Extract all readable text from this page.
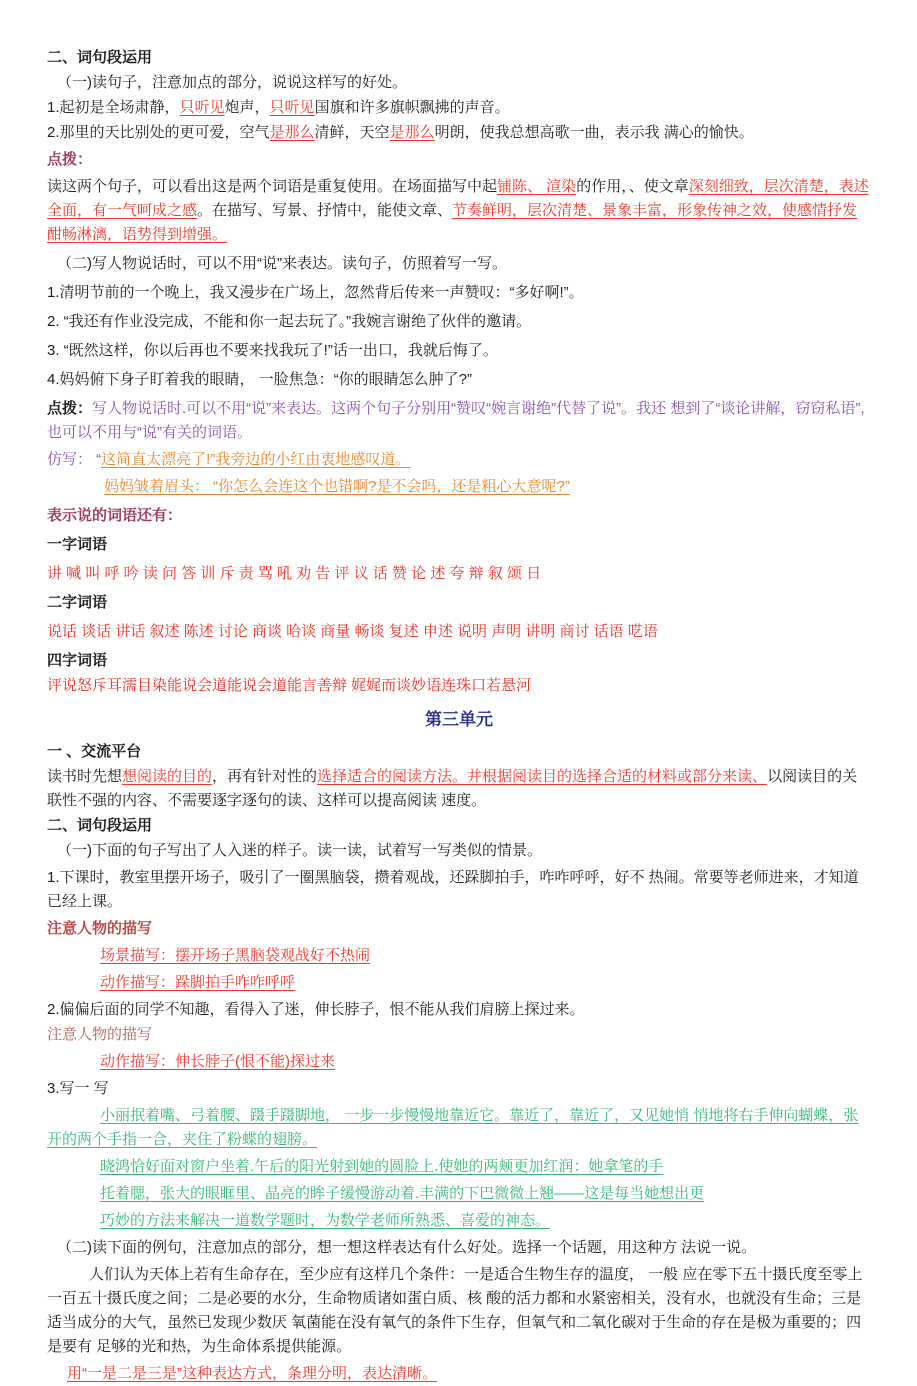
二、词句段运用

（一)读句子，注意加点的部分，说说这样写的好处。

1.起初是全场肃静，只听见炮声，只听见国旗和许多旗帜飘拂的声音。

2.那里的天比别处的更可爱，空气是那么清鲜，天空是那么明朗，使我总想高歌一曲，表示我 满心的愉快。

点拨：

读这两个句子，可以看出这是两个词语是重复使用。在场面描写中起铺陈、 渲染的作用，、使文章深刻细致，层次清楚，表述全面，有一气呵成之感。在描写、写景、抒情中，能使文章、节奏鲜明，层次清楚、景象丰富，形象传神之效，使感情抒发酣畅淋漓，语势得到增强。

（二)写人物说话时，可以不用“说”来表达。读句子，仿照着写一写。

1.清明节前的一个晚上，我又漫步在广场上，忽然背后传来一声赞叹：“多好啊!”。

2. “我还有作业没完成，不能和你一起去玩了。”我婉言谢绝了伙伴的邀请。

3. “既然这样，你以后再也不要来找我玩了!”话一出口，我就后悔了。

4.妈妈俯下身子盯着我的眼睛， 一脸焦急：“你的眼睛怎么肿了?”

点拨：写人物说话时.可以不用“说”来表达。这两个句子分别用“赞叹“婉言谢绝”代替了说”。我还 想到了“谈论讲解，窃窃私语”,也可以不用与“说”有关的词语。

仿写： “这简直太漂亮了!”我旁边的小红由衷地感叹道。

妈妈皱着眉头： “你怎么会连这个也错啊?是不会吗，还是粗心大意呢?”

表示说的词语还有：

一字词语

讲 喊 叫 呼 吟 读 问 答 训 斥 责 骂 吼 劝 告 评 议 话 赞 论 述 夸 辩 叙 颂 日

二字词语

说话 谈话 讲话 叙述 陈述 讨论 商谈 哈谈 商量 畅谈 复述 申述 说明 声明 讲明 商讨 话语 呓语

四字词语

评说怒斥耳濡目染能说会道能说会道能言善辩 娓娓而谈妙语连珠口若悬河

第三单元

一 、交流平台

读书时先想想阅读的目的，再有针对性的选择适合的阅读方法。并根据阅读目的选择合适的材料或部分来读、以阅读目的关联性不强的内容、不需要逐字逐句的读、这样可以提高阅读 速度。

二、词句段运用

（一)下面的句子写出了人入迷的样子。读一读，试着写一写类似的情景。

1.下课时，教室里摆开场子，吸引了一圈黑脑袋，攒着观战，还跺脚拍手，咋咋呼呼，好不 热闹。常要等老师进来，才知道已经上课。

注意人物的描写

场景描写：摆开场子黑脑袋观战好不热闹

动作描写：跺脚拍手咋咋呼呼

2.偏偏后面的同学不知趣，看得入了迷，伸长脖子，恨不能从我们肩膀上探过来。

注意人物的描写

动作描写：伸长脖子(恨不能)探过来

3.写一 写

小丽抿着嘴、弓着腰、蹑手蹑脚地， 一步一步慢慢地靠近它。靠近了，靠近了，又见她悄 悄地将右手伸向蝴蝶，张开的两个手指一合，夹住了粉蝶的翅膀。

晓鸿恰好面对窗户坐着.午后的阳光射到她的圆脸上.使她的两颊更加红润：她拿笔的手

托着腮，张大的眼眶里、晶亮的眸子缓慢游动着.丰满的下巴微微上翘——这是每当她想出更

巧妙的方法来解决一道数学题时，为数学老师所熟悉、喜爱的神态。

（二)读下面的例句，注意加点的部分，想一想这样表达有什么好处。选择一个话题，用这种方 法说一说。

人们认为天体上若有生命存在，至少应有这样几个条件：一是适合生物生存的温度， 一般 应在零下五十摄氏度至零上一百五十摄氏度之间；二是必要的水分，生命物质诸如蛋白质、核 酸的活力都和水紧密相关，没有水，也就没有生命；三是适当成分的大气，虽然已发现少数厌 氧菌能在没有氧气的条件下生存，但氧气和二氧化碳对于生命的存在是极为重要的；四是要有 足够的光和热，为生命体系提供能源。

用“一是二是三是”这种表达方式，条理分明，表达清晰。
